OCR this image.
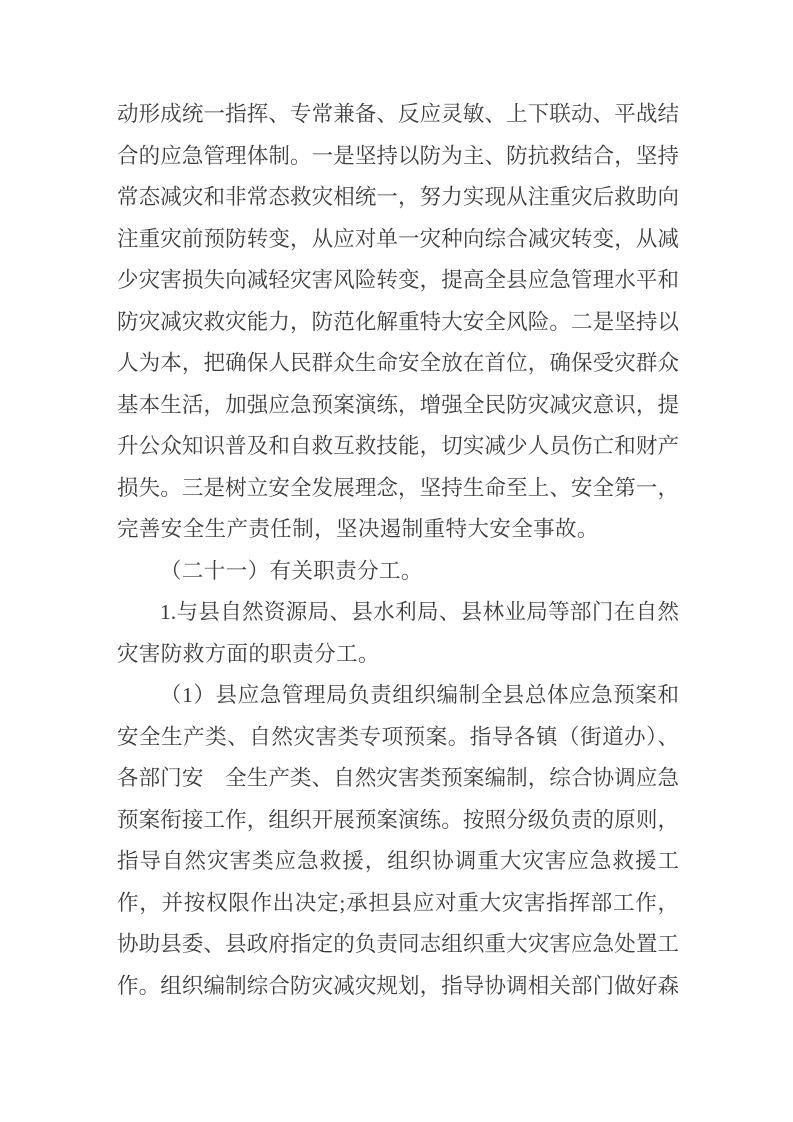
动形成统一指挥、专常兼备、反应灵敏、上下联动、平战结
合的应急管理体制。一是坚持以防为主、防抗救结合，坚持
常态减灾和非常态救灾相统一，努力实现从注重灾后救助向
注重灾前预防转变，从应对单一灾种向综合减灾转变，从减
少灾害损失向减轻灾害风险转变，提高全县应急管理水平和
防灾减灾救灾能力，防范化解重特大安全风险。二是坚持以
人为本，把确保人民群众生命安全放在首位，确保受灾群众
基本生活，加强应急预案演练，增强全民防灾减灾意识，提
升公众知识普及和自救互救技能，切实减少人员伤亡和财产
损失。三是树立安全发展理念，坚持生命至上、安全第一，
完善安全生产责任制，坚决遏制重特大安全事故。
（二十一）有关职责分工。
1.与县自然资源局、县水利局、县林业局等部门在自然
灾害防救方面的职责分工。
（1）县应急管理局负责组织编制全县总体应急预案和
安全生产类、自然灾害类专项预案。指导各镇（街道办）、
各部门安　全生产类、自然灾害类预案编制，综合协调应急
预案衔接工作，组织开展预案演练。按照分级负责的原则，
指导自然灾害类应急救援，组织协调重大灾害应急救援工
作，并按权限作出决定;承担县应对重大灾害指挥部工作，
协助县委、县政府指定的负责同志组织重大灾害应急处置工
作。组织编制综合防灾减灾规划，指导协调相关部门做好森
